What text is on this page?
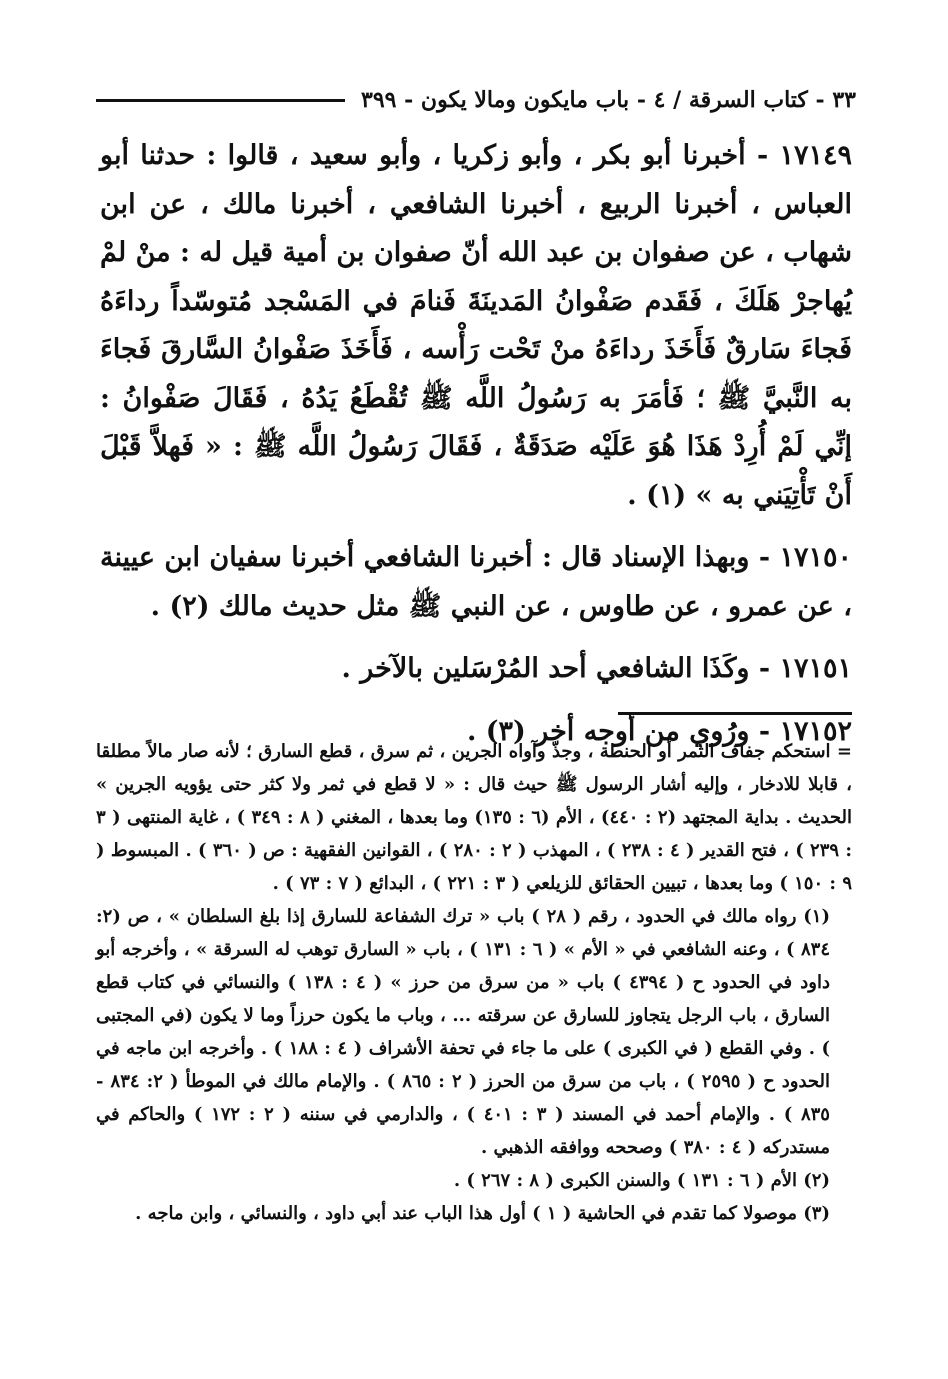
٣٣ - كتاب السرقة / ٤ - باب مايكون ومالا يكون - ٣٩٩

١٧١٤٩ - أخبرنا أبو بكر ، وأبو زكريا ، وأبو سعيد ، قالوا : حدثنا أبو العباس ، أخبرنا الربيع ، أخبرنا الشافعي ، أخبرنا مالك ، عن ابن شهاب ، عن صفوان بن عبد الله أنّ صفوان بن أمية قيل له : منْ لمْ يُهاجرْ هَلَكَ ، فَقَدم صَفْوانُ المَدينَةَ فَنامَ في المَسْجد مُتوسّداً رداءَهُ فَجاءَ سَارقٌ فَأَخَذَ رداءَهُ منْ تَحْت رَأْسه ، فَأَخَذَ صَفْوانُ السَّارقَ فَجاءَ به النَّبيَّ ﷺ ؛ فَأمَرَ به رَسُولُ اللَّه ﷺ تُقْطَعُ يَدُهُ ، فَقَالَ صَفْوانُ : إنِّي لَمْ أُرِدْ هَذَا هُوَ عَلَيْه صَدَقَةٌ ، فَقَالَ رَسُولُ اللَّه ﷺ : « فَهلاَّ قَبْلَ أَنْ تَأْتِيَني به » (١) .

١٧١٥٠ - وبهذا الإسناد قال : أخبرنا الشافعي أخبرنا سفيان ابن عيينة ، عن عمرو ، عن طاوس ، عن النبي ﷺ مثل حديث مالك (٢) .

١٧١٥١ - وكَذَا الشافعي أحد المُرْسَلين بالآخر .

١٧١٥٢ - ورُوي من أوجه أخر (٣) .

= استحكم جفاف الثمر أو الحنطة ، وجذّ وآواه الجرين ، ثم سرق ، قطع السارق ؛ لأنه صار مالاً مطلقا ، قابلا للادخار ، وإليه أشار الرسول ﷺ حيث قال : « لا قطع في ثمر ولا كثر حتى يؤويه الجرين » الحديث . بداية المجتهد (٢ : ٤٤٠) ، الأم (٦ : ١٣٥) وما بعدها ، المغني ( ٨ : ٣٤٩ ) ، غاية المنتهى ( ٣ : ٢٣٩ ) ، فتح القدير ( ٤ : ٢٣٨ ) ، المهذب ( ٢ : ٢٨٠ ) ، القوانين الفقهية : ص ( ٣٦٠ ) . المبسوط ( ٩ : ١٥٠ ) وما بعدها ، تبيين الحقائق للزيلعي ( ٣ : ٢٢١ ) ، البدائع ( ٧ : ٧٣ ) .

(١) رواه مالك في الحدود ، رقم ( ٢٨ ) باب « ترك الشفاعة للسارق إذا بلغ السلطان » ، ص (٢: ٨٣٤ ) ، وعنه الشافعي في « الأم » ( ٦ : ١٣١ ) ، باب « السارق توهب له السرقة » ، وأخرجه أبو داود في الحدود ح ( ٤٣٩٤ ) باب « من سرق من حرز » ( ٤ : ١٣٨ ) والنسائي في كتاب قطع السارق ، باب الرجل يتجاوز للسارق عن سرقته ... ، وباب ما يكون حرزاً وما لا يكون (في المجتبى ) . وفي القطع ( في الكبرى ) على ما جاء في تحفة الأشراف ( ٤ : ١٨٨ ) . وأخرجه ابن ماجه في الحدود ح ( ٢٥٩٥ ) ، باب من سرق من الحرز ( ٢ : ٨٦٥ ) . والإمام مالك في الموطأ ( ٢: ٨٣٤ - ٨٣٥ ) . والإمام أحمد في المسند ( ٣ : ٤٠١ ) ، والدارمي في سننه ( ٢ : ١٧٢ ) والحاكم في مستدركه ( ٤ : ٣٨٠ ) وصححه ووافقه الذهبي .

(٢) الأم ( ٦ : ١٣١ ) والسنن الكبرى ( ٨ : ٢٦٧ ) .

(٣) موصولا كما تقدم في الحاشية ( ١ ) أول هذا الباب عند أبي داود ، والنسائي ، وابن ماجه .
